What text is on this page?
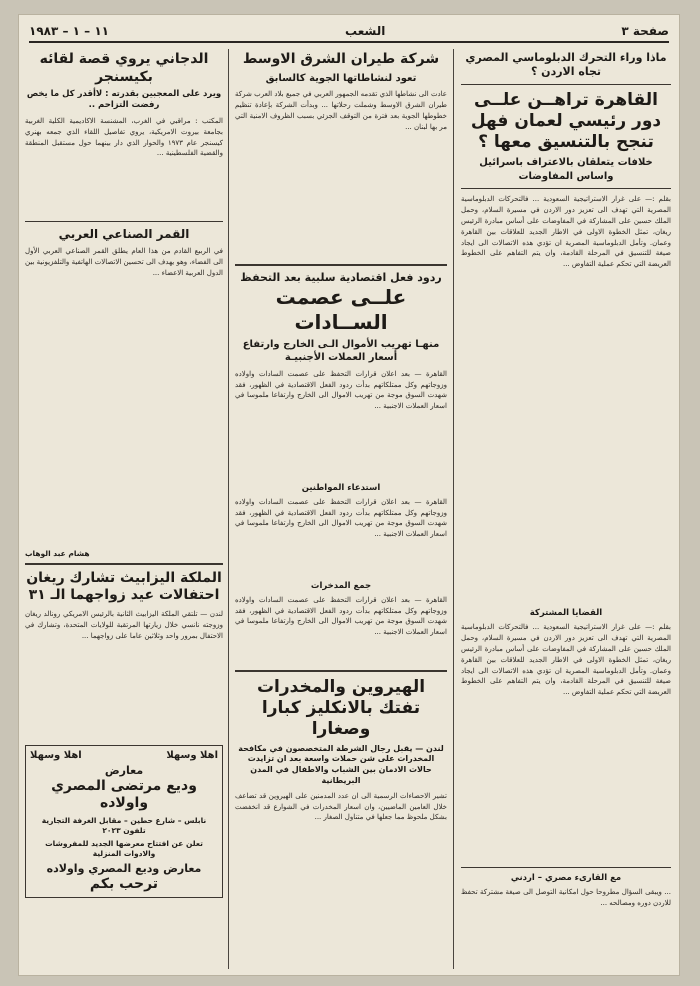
صفحة ٣
الشعب
١١ – ١ – ١٩٨٣
ماذا وراء التحرك الدبلوماسي المصري تجاه الاردن ؟
القاهرة تراهــن علــى دور رئيسي لعمان فهل تنجح بالتنسيق معها ؟
خلافات يتعلقان بالاعتراف باسرائيل واساس المفاوضات
بقلم :— على غرار الاستراتيجية السعودية ... فالتحركات الدبلوماسية المصرية التي تهدف الى تعزيز دور الاردن في مسيرة السلام، وحمل الملك حسين على المشاركة في المفاوضات على أساس مبادرة الرئيس ريغان، تمثل الخطوة الاولى في الاطار الجديد للعلاقات بين القاهرة وعمان. وتأمل الدبلوماسية المصرية ان تؤدي هذه الاتصالات الى ايجاد صيغة للتنسيق في المرحلة القادمة، وان يتم التفاهم على الخطوط العريضة التي تحكم عملية التفاوض ...
القضايا المشتركة
بقلم :— على غرار الاستراتيجية السعودية ... فالتحركات الدبلوماسية المصرية التي تهدف الى تعزيز دور الاردن في مسيرة السلام، وحمل الملك حسين على المشاركة في المفاوضات على أساس مبادرة الرئيس ريغان، تمثل الخطوة الاولى في الاطار الجديد للعلاقات بين القاهرة وعمان. وتأمل الدبلوماسية المصرية ان تؤدي هذه الاتصالات الى ايجاد صيغة للتنسيق في المرحلة القادمة، وان يتم التفاهم على الخطوط العريضة التي تحكم عملية التفاوض ...
مع القارىء مصري – اردني
... ويبقى السؤال مطروحا حول امكانية التوصل الى صيغة مشتركة تحفظ للاردن دوره ومصالحه ...
شركة طيران الشرق الاوسط
تعود لنشاطاتها الجوية كالسابق
عادت الى نشاطها الذي تقدمه الجمهور العربي في جميع بلاد العرب شركة طيران الشرق الاوسط وشملت رحلاتها ... وبدأت الشركة بإعادة تنظيم خطوطها الجوية بعد فترة من التوقف الجزئي بسبب الظروف الامنية التي مر بها لبنان ...
ردود فعل اقتصادية سلبية بعد التحفظ
علــى عصمت الســادات
منهـا تهريب الأموال الـى الخارج وارتفاع أسعار العملات الأجنبيـة
القاهرة — بعد اعلان قرارات التحفظ على عصمت السادات واولاده وزوجاتهم وكل ممتلكاتهم بدأت ردود الفعل الاقتصادية في الظهور، فقد شهدت السوق موجة من تهريب الاموال الى الخارج وارتفاعا ملموسا في اسعار العملات الاجنبية ...
استدعاء المواطنين
القاهرة — بعد اعلان قرارات التحفظ على عصمت السادات واولاده وزوجاتهم وكل ممتلكاتهم بدأت ردود الفعل الاقتصادية في الظهور، فقد شهدت السوق موجة من تهريب الاموال الى الخارج وارتفاعا ملموسا في اسعار العملات الاجنبية ...
جمع المدخرات
القاهرة — بعد اعلان قرارات التحفظ على عصمت السادات واولاده وزوجاتهم وكل ممتلكاتهم بدأت ردود الفعل الاقتصادية في الظهور، فقد شهدت السوق موجة من تهريب الاموال الى الخارج وارتفاعا ملموسا في اسعار العملات الاجنبية ...
الهيروين والمخدرات تفتك بالانكليز كبارا وصغارا
لندن — يقبل رجال الشرطة المتخصصون في مكافحة المخدرات على شن حملات واسعة بعد ان تزايدت حالات الادمان بين الشباب والاطفال في المدن البريطانية
تشير الاحصاءات الرسمية الى ان عدد المدمنين على الهيروين قد تضاعف خلال العامين الماضيين، وان اسعار المخدرات في الشوارع قد انخفضت بشكل ملحوظ مما جعلها في متناول الصغار ...
الدجاني يروي قصة لقائه بكيسنجر
ويرد على المعجبين بقدرته : لاأقدر كل ما يخص رفضت التزاحم ..
المكتب : مراقبي في الغرب، المشنسة الاكاديمية الكلية الغربية بجامعة بيروت الامريكية، يروي تفاصيل اللقاء الذي جمعه بهنري كيسنجر عام ١٩٧٣ والحوار الذي دار بينهما حول مستقبل المنطقة والقضية الفلسطينية ...
القمر الصناعي العربي
في الربيع القادم من هذا العام يطلق القمر الصناعي العربي الأول الى الفضاء، وهو يهدف الى تحسين الاتصالات الهاتفية والتلفزيونية بين الدول العربية الاعضاء ...
هشام عبد الوهاب
الملكة اليزابيث تشارك ريغان
احتفالات عيد زواجهما الـ ٣١
لندن — تلتقي الملكة اليزابيث الثانية بالرئيس الامريكي رونالد ريغان وزوجته نانسي خلال زيارتها المرتقبة للولايات المتحدة، وتشارك في الاحتفال بمرور واحد وثلاثين عاما على زواجهما ...
اهلا وسهلا
اهلا وسهلا
معارض
وديع مرتضى المصري واولاده
نابلس – شارع حطين – مقابل الغرفة التجارية تلفون ٢٠٢٣
تعلن عن افتتاح معرضها الجديد للمفروشات والادوات المنزلية
معارض وديع المصري واولاده
ترحب بكم
